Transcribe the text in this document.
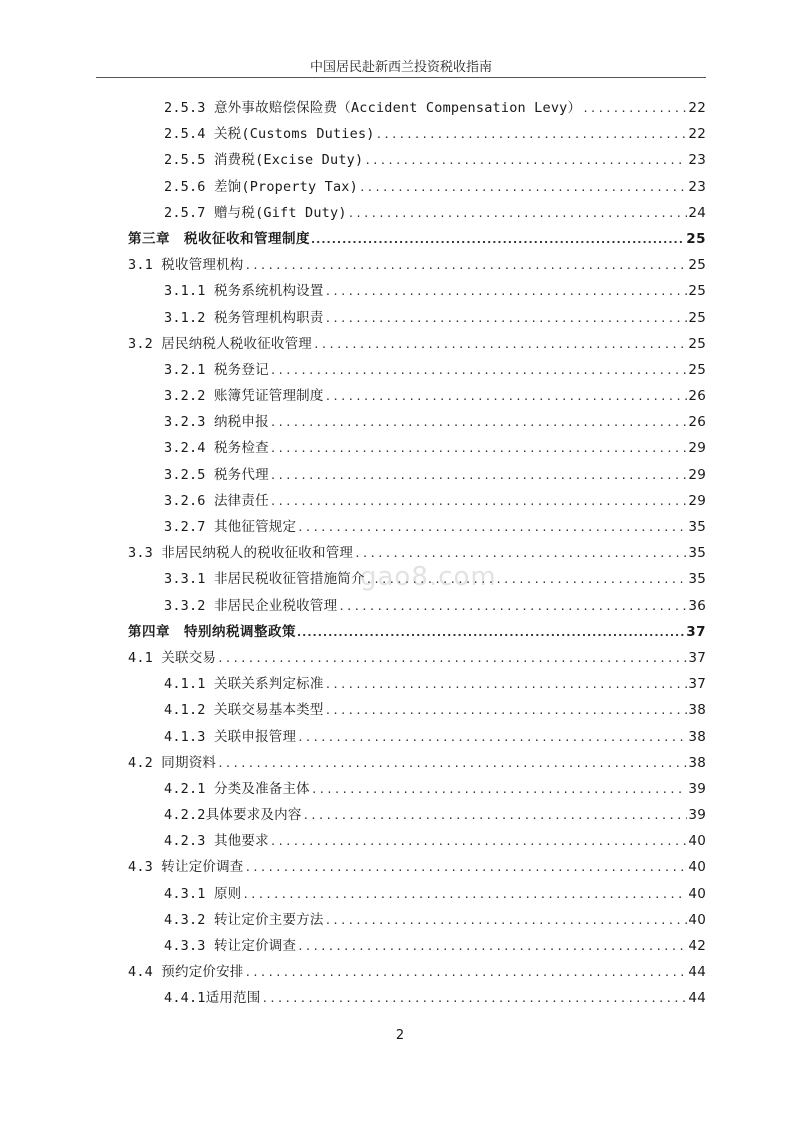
中国居民赴新西兰投资税收指南
2.5.3 意外事故赔偿保险费（Accident Compensation Levy） .....	22
2.5.4 关税(Customs Duties) .....	22
2.5.5 消费税(Excise Duty) .....	23
2.5.6 差饷(Property Tax) .....	23
2.5.7 赠与税(Gift Duty) .....	24
第三章　税收征收和管理制度 .....	25
3.1 税收管理机构 .....	25
3.1.1 税务系统机构设置 .....	25
3.1.2 税务管理机构职责 .....	25
3.2 居民纳税人税收征收管理 .....	25
3.2.1 税务登记 .....	25
3.2.2 账簿凭证管理制度 .....	26
3.2.3 纳税申报 .....	26
3.2.4 税务检查 .....	29
3.2.5 税务代理 .....	29
3.2.6 法律责任 .....	29
3.2.7 其他征管规定 .....	35
3.3 非居民纳税人的税收征收和管理 .....	35
3.3.1 非居民税收征管措施简介 .....	35
3.3.2 非居民企业税收管理 .....	36
第四章　特别纳税调整政策 .....	37
4.1 关联交易 .....	37
4.1.1 关联关系判定标准 .....	37
4.1.2 关联交易基本类型 .....	38
4.1.3 关联申报管理 .....	38
4.2 同期资料 .....	38
4.2.1 分类及准备主体 .....	39
4.2.2具体要求及内容 .....	39
4.2.3 其他要求 .....	40
4.3 转让定价调查 .....	40
4.3.1 原则 .....	40
4.3.2 转让定价主要方法 .....	40
4.3.3 转让定价调查 .....	42
4.4 预约定价安排 .....	44
4.4.1适用范围 .....	44
gao8.com
2
